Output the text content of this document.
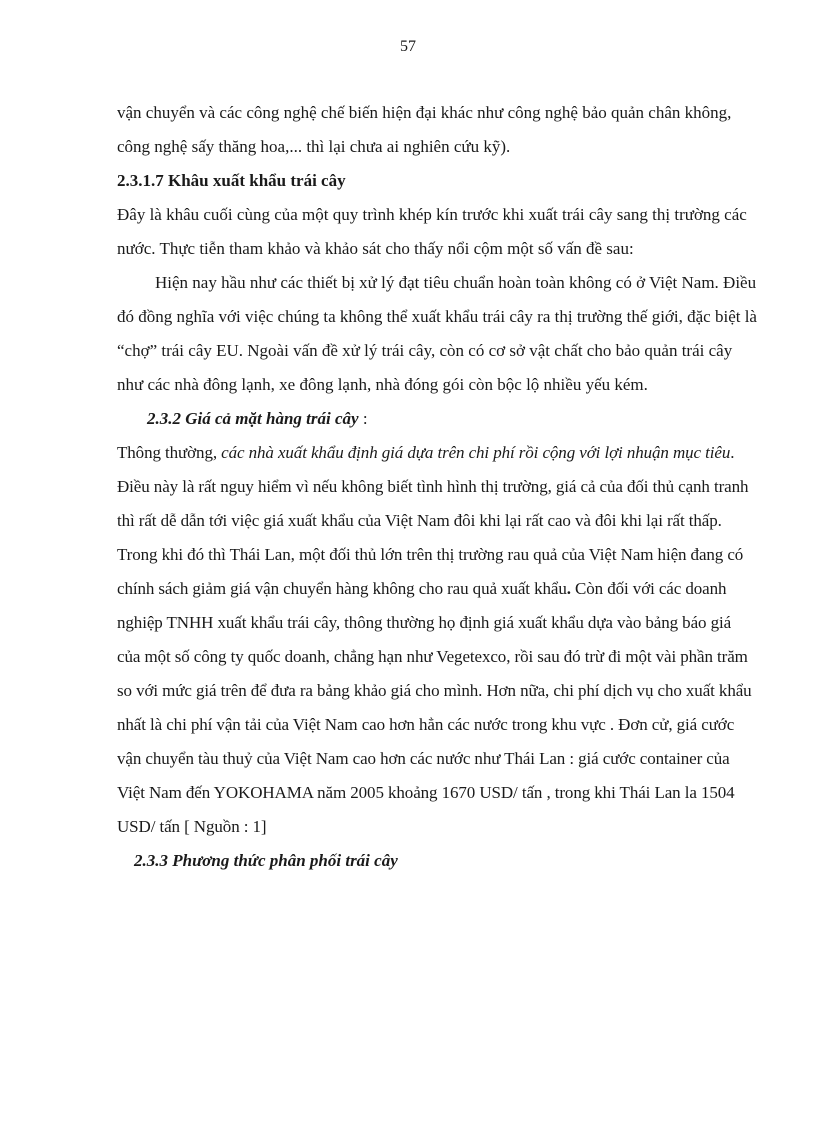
57

vận chuyển và các công nghệ chế biến hiện đại khác như công nghệ bảo quản chân không, công nghệ sấy thăng hoa,... thì lại chưa ai nghiên cứu kỹ).

2.3.1.7 Khâu xuất khẩu trái cây

Đây là khâu cuối cùng của một quy trình khép kín trước khi xuất trái cây sang thị trường các nước. Thực tiễn tham khảo và khảo sát cho thấy nổi cộm một số vấn đề sau:

Hiện nay hầu như các thiết bị xử lý đạt tiêu chuẩn hoàn toàn không có ở Việt Nam. Điều đó đồng nghĩa với việc chúng ta không thể xuất khẩu trái cây ra thị trường thế giới, đặc biệt là “chợ” trái cây EU. Ngoài vấn đề xử lý trái cây, còn có cơ sở vật chất cho bảo quản trái cây như các nhà đông lạnh, xe đông lạnh, nhà đóng gói còn bộc lộ nhiều yếu kém.

2.3.2 Giá cả mặt hàng trái cây :

Thông thường, các nhà xuất khẩu định giá dựa trên chi phí rồi cộng với lợi nhuận mục tiêu. Điều này là rất nguy hiểm vì nếu không biết tình hình thị trường, giá cả của đối thủ cạnh tranh thì rất dễ dẫn tới việc giá xuất khẩu của Việt Nam đôi khi lại rất cao và đôi khi lại rất thấp. Trong khi đó thì Thái Lan, một đối thủ lớn trên thị trường rau quả của Việt Nam hiện đang có chính sách giảm giá vận chuyển hàng không cho rau quả xuất khẩu. Còn đối với các doanh nghiệp TNHH xuất khẩu trái cây, thông thường họ định giá xuất khẩu dựa vào bảng báo giá của một số công ty quốc doanh, chẳng hạn như Vegetexco, rồi sau đó trừ đi một vài phần trăm so với mức giá trên để đưa ra bảng khảo giá cho mình. Hơn nữa, chi phí dịch vụ cho xuất khẩu nhất là chi phí vận tải của Việt Nam cao hơn hẳn các nước trong khu vực . Đơn cử, giá cước vận chuyển tàu thuỷ của Việt Nam cao hơn các nước như Thái Lan : giá cước container của Việt Nam đến YOKOHAMA năm 2005 khoảng 1670 USD/ tấn , trong khi Thái Lan la 1504 USD/ tấn [ Nguồn : 1]

2.3.3 Phương thức phân phối trái cây
